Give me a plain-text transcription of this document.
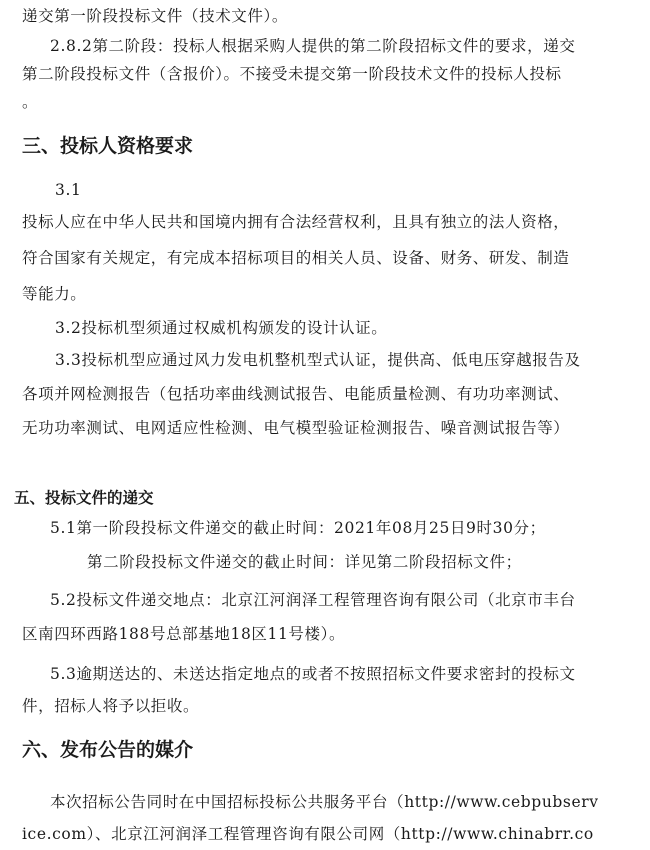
递交第一阶段投标文件（技术文件）。
2.8.2第二阶段：投标人根据采购人提供的第二阶段招标文件的要求，递交
第二阶段投标文件（含报价）。不接受未提交第一阶段技术文件的投标人投标
。
三、投标人资格要求
3.1
投标人应在中华人民共和国境内拥有合法经营权利，且具有独立的法人资格，
符合国家有关规定，有完成本招标项目的相关人员、设备、财务、研发、制造
等能力。
3.2投标机型须通过权威机构颁发的设计认证。
3.3投标机型应通过风力发电机整机型式认证，提供高、低电压穿越报告及
各项并网检测报告（包括功率曲线测试报告、电能质量检测、有功功率测试、
无功功率测试、电网适应性检测、电气模型验证检测报告、噪音测试报告等）
五、投标文件的递交
5.1第一阶段投标文件递交的截止时间：2021年08月25日9时30分；
第二阶段投标文件递交的截止时间：详见第二阶段招标文件；
5.2投标文件递交地点：北京江河润泽工程管理咨询有限公司（北京市丰台
区南四环西路188号总部基地18区11号楼）。
5.3逾期送达的、未送达指定地点的或者不按照招标文件要求密封的投标文
件，招标人将予以拒收。
六、发布公告的媒介
本次招标公告同时在中国招标投标公共服务平台（http://www.cebpubserv
ice.com）、北京江河润泽工程管理咨询有限公司网（http://www.chinabrr.co
